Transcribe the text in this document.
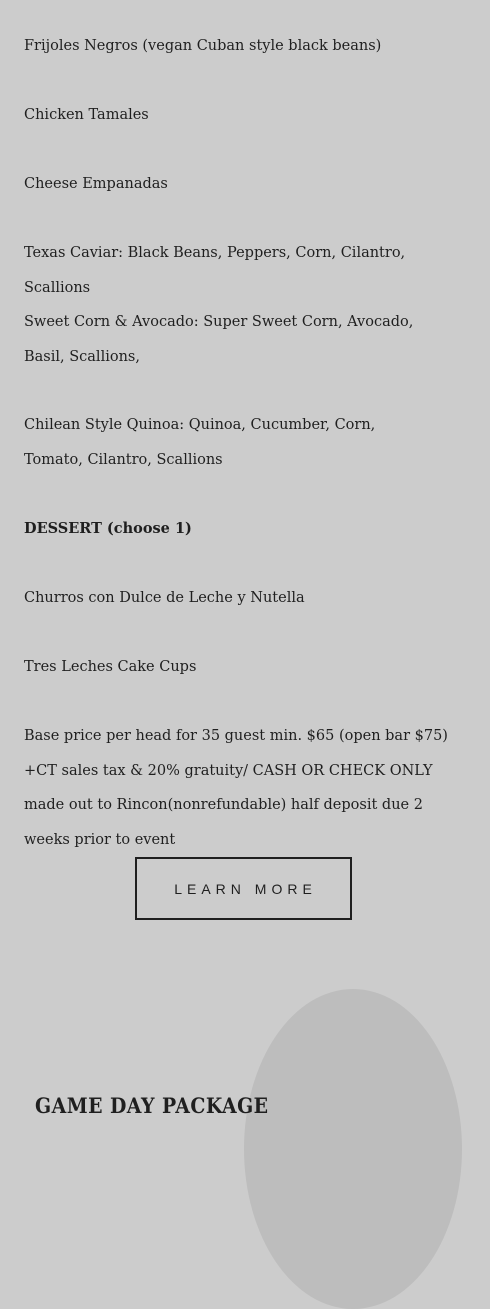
Frijoles Negros (vegan Cuban style black beans)

Chicken Tamales

Cheese Empanadas

Texas Caviar: Black Beans, Peppers, Corn, Cilantro, Scallions

Sweet Corn & Avocado: Super Sweet Corn, Avocado, Basil, Scallions,

Chilean Style Quinoa: Quinoa, Cucumber, Corn, Tomato, Cilantro, Scallions

DESSERT (choose 1)

Churros con Dulce de Leche y Nutella

Tres Leches Cake Cups

Base price per head for 35 guest min. $65 (open bar $75) +CT sales tax & 20% gratuity/ CASH OR CHECK ONLY made out to Rincon(nonrefundable) half deposit due 2 weeks prior to event

LEARN MORE
GAME DAY PACKAGE
